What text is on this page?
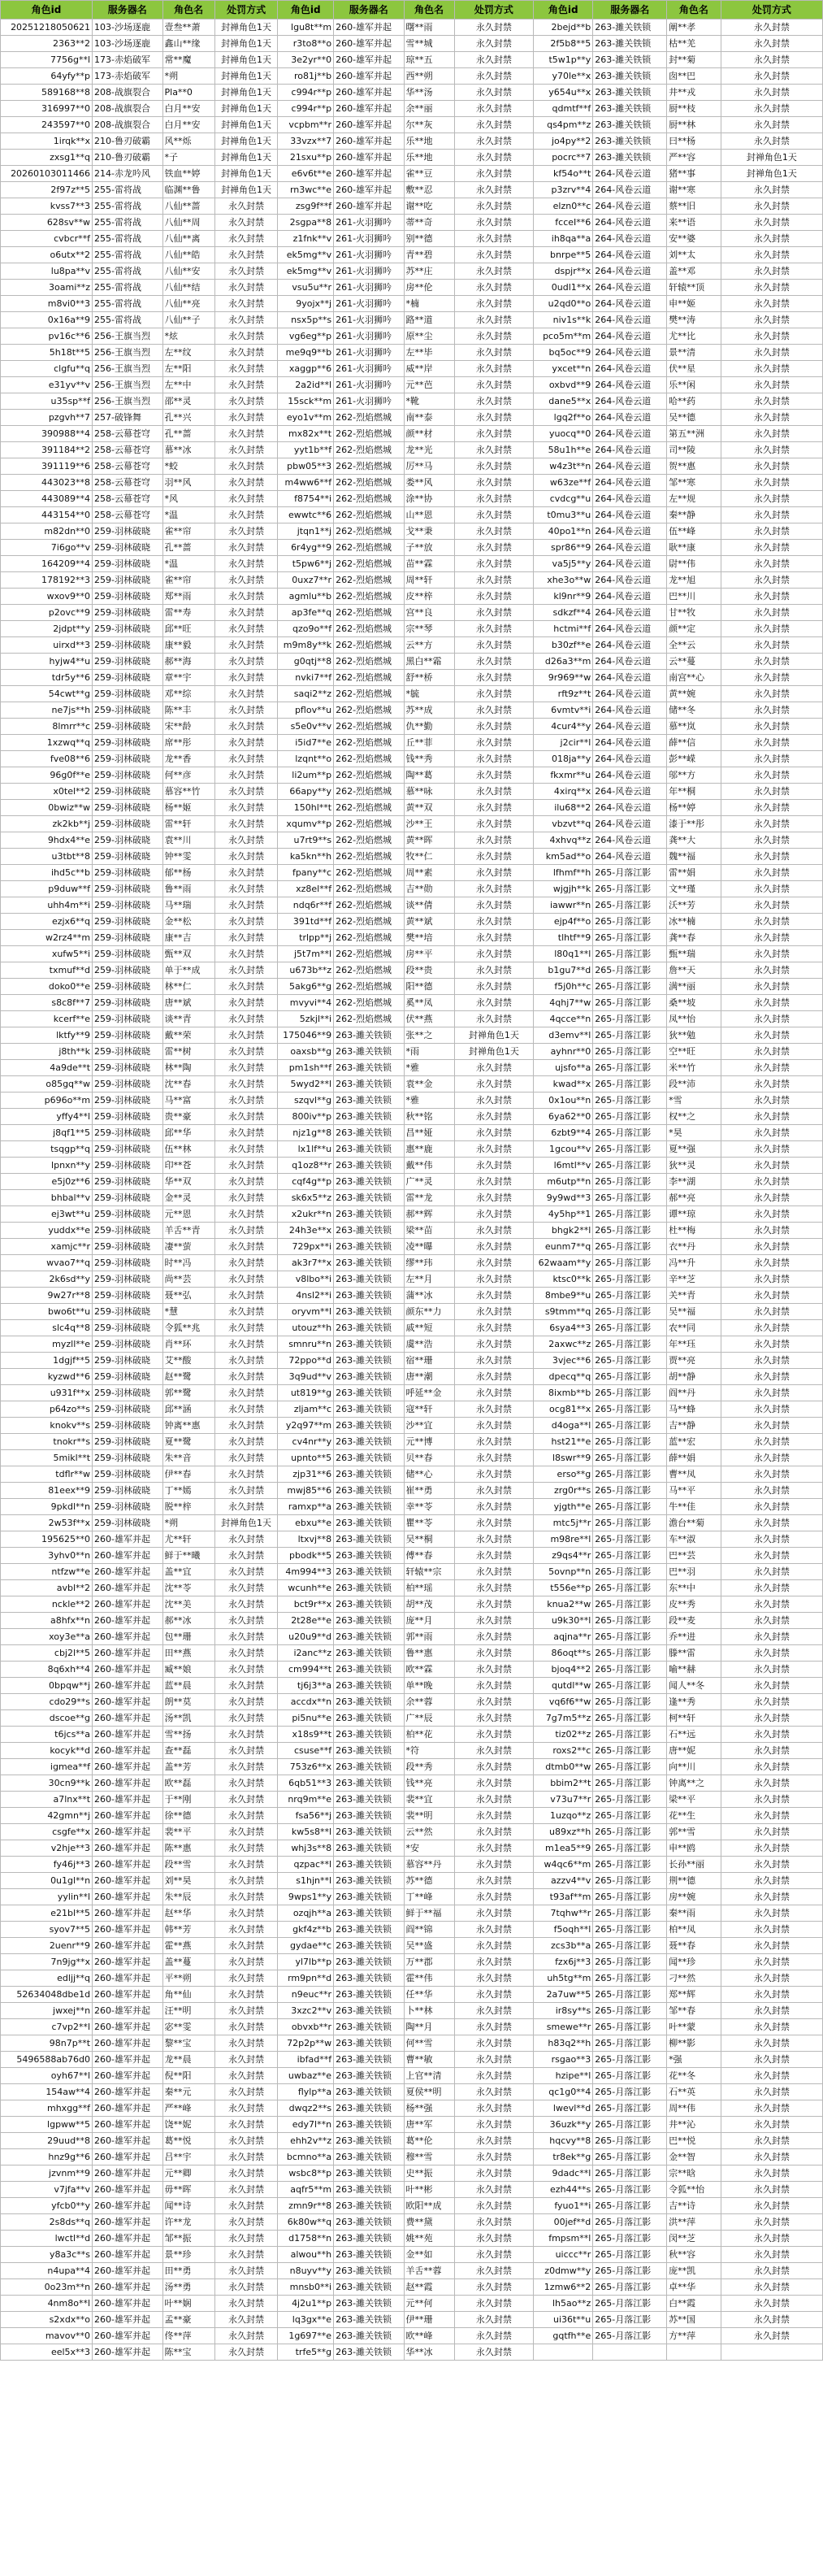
角色id	服务器名	角色名	处罚方式	角色id	服务器名	角色名	处罚方式	角色id	服务器名	角色名	处罚方式
20251218050621	103-沙场逐鹿	壹叁**萧	封禅角色1天	lgu8t**m	260-雄军并起	曙**雨	永久封禁	2bejd**b	263-濉关铁锁	阐**孝	永久封禁
2363**2	103-沙场逐鹿	鑫山**缘	封禅角色1天	r3to8**o	260-雄军并起	雪**城	永久封禁	2f5b8**5	263-濉关铁锁	枯**羌	永久封禁
7756g**l	173-赤焰破军	常**魔	封禅角色1天	3e2yr**0	260-雄军并起	琼**五	永久封禁	t5w1p**y	263-濉关铁锁	封**菊	永久封禁
64yfy**p	173-赤焰破军	*朔	封禅角色1天	ro81j**b	260-雄军并起	西**朔	永久封禁	y70le**x	263-濉关铁锁	囱**巴	永久封禁
589168**8	208-战旗裂合	Pla**0	封禅角色1天	c994r**p	260-雄军并起	华**汤	永久封禁	y654u**x	263-濉关铁锁	井**戎	永久封禁
316997**0	208-战旗裂合	白月**安	封禅角色1天	c994r**p	260-雄军并起	余**丽	永久封禁	qdmtf**f	263-濉关铁锁	厨**枝	永久封禁
243597**0	208-战旗裂合	白月**安	封禅角色1天	vcpbm**r	260-雄军并起	尔**灰	永久封禁	qs4pm**z	263-濉关铁锁	厨**林	永久封禁
1irqk**x	210-鲁刃破霸	风**烁	封禅角色1天	33vzx**7	260-雄军并起	乐**地	永久封禁	jo4py**2	263-濉关铁锁	曰**杨	永久封禁
zxsg1**q	210-鲁刃破霸	*子	封禅角色1天	21sxu**p	260-雄军并起	乐**地	永久封禁	pocrc**7	263-濉关铁锁	严**容	封禅角色1天
20260103011466	214-赤龙吟风	铁血**婷	封禅角色1天	e6v6t**e	260-雄军并起	雀**豆	永久封禁	kf54o**t	264-风卷云道	猪**事	封禅角色1天
2f97z**5	255-雷将战	临渊**鲁	封禅角色1天	rn3wc**e	260-雄军并起	敷**忍	永久封禁	p3zrv**4	264-风卷云道	谢**寒	永久封禁
kvss7**3	255-雷将战	八仙**蔷	永久封禁	zsg9f**f	260-雄军并起	谢**吃	永久封禁	elzn0**c	264-风卷云道	蔡**旧	永久封禁
628sv**w	255-雷将战	八仙**周	永久封禁	2sgpa**8	261-火羽狮吟	蒂**奇	永久封禁	fcceI**6	264-风卷云道	来**语	永久封禁
cvbcr**f	255-雷将战	八仙**离	永久封禁	z1fnk**v	261-火羽狮吟	别**德	永久封禁	ih8qa**a	264-风卷云道	安**婆	永久封禁
o6utx**2	255-雷将战	八仙**皓	永久封禁	ek5mg**v	261-火羽狮吟	青**碧	永久封禁	bnrpe**5	264-风卷云道	刘**太	永久封禁
lu8pa**v	255-雷将战	八仙**安	永久封禁	ek5mg**v	261-火羽狮吟	苏**庄	永久封禁	dspjr**x	264-风卷云道	盖**邓	永久封禁
3oami**z	255-雷将战	八仙**结	永久封禁	vsu5u**r	261-火羽狮吟	房**伦	永久封禁	0udl1**x	264-风卷云道	轩辕**顶	永久封禁
m8vi0**3	255-雷将战	八仙**亮	永久封禁	9yojx**j	261-火羽狮吟	*楠	永久封禁	u2qd0**o	264-风卷云道	申**姬	永久封禁
0x16a**9	255-雷将战	八仙**子	永久封禁	nsx5p**s	261-火羽狮吟	路**道	永久封禁	niv1s**k	264-风卷云道	樊**涛	永久封禁
pv16c**6	256-王旗当烈	*炫	永久封禁	vg6eg**p	261-火羽狮吟	原**尘	永久封禁	pco5m**m	264-风卷云道	尤**比	永久封禁
5h18t**5	256-王旗当烈	左**纹	永久封禁	me9q9**b	261-火羽狮吟	左**毕	永久封禁	bq5oc**9	264-风卷云道	景**清	永久封禁
clgfu**q	256-王旗当烈	左**阳	永久封禁	xaggp**6	261-火羽狮吟	威**岸	永久封禁	yxcet**n	264-风卷云道	伏**星	永久封禁
e31yv**v	256-王旗当烈	左**中	永久封禁	2a2id**l	261-火羽狮吟	元**芭	永久封禁	oxbvd**9	264-风卷云道	乐**闲	永久封禁
u35sp**f	256-王旗当烈	邵**灵	永久封禁	15sck**m	261-火羽狮吟	*靴	永久封禁	dane5**x	264-风卷云道	哈**药	永久封禁
pzgvh**7	257-破锋舞	孔**兴	永久封禁	eyo1v**m	262-烈焰燃城	南**泰	永久封禁	lgq2f**o	264-风卷云道	吴**德	永久封禁
390988**4	258-云幕苍穹	孔**蔷	永久封禁	mx82x**t	262-烈焰燃城	颜**材	永久封禁	yuocq**0	264-风卷云道	第五**洲	永久封禁
391184**2	258-云幕苍穹	慕**冰	永久封禁	yyt1b**f	262-烈焰燃城	龙**光	永久封禁	58u1h**e	264-风卷云道	司**陵	永久封禁
391119**6	258-云幕苍穹	*蛟	永久封禁	pbw05**3	262-烈焰燃城	厉**马	永久封禁	w4z3t**n	264-风卷云道	贺**惠	永久封禁
443023**8	258-云幕苍穹	羽**风	永久封禁	m4ww6**f	262-烈焰燃城	娄**风	永久封禁	w63ze**f	264-风卷云道	邹**寒	永久封禁
443089**4	258-云幕苍穹	*风	永久封禁	f8754**i	262-烈焰燃城	涂**协	永久封禁	cvdcg**u	264-风卷云道	左**规	永久封禁
443154**0	258-云幕苍穹	*温	永久封禁	ewwtc**6	262-烈焰燃城	山**恩	永久封禁	t0mu3**u	264-风卷云道	秦**静	永久封禁
m82dn**0	259-羽林破晓	雀**帘	永久封禁	jtqn1**j	262-烈焰燃城	戈**秉	永久封禁	40po1**n	264-风卷云道	伍**峰	永久封禁
7i6go**v	259-羽林破晓	孔**蔷	永久封禁	6r4yg**9	262-烈焰燃城	子**放	永久封禁	spr86**9	264-风卷云道	耿**康	永久封禁
164209**4	259-羽林破晓	*温	永久封禁	t5pw6**j	262-烈焰燃城	苗**霖	永久封禁	va5j5**y	264-风卷云道	尉**伟	永久封禁
178192**3	259-羽林破晓	雀**帘	永久封禁	0uxz7**r	262-烈焰燃城	周**轩	永久封禁	xhe3o**w	264-风卷云道	龙**旭	永久封禁
wxov9**0	259-羽林破晓	郑**雨	永久封禁	agmlu**b	262-烈焰燃城	皮**梓	永久封禁	kl9nr**9	264-风卷云道	巴**川	永久封禁
p2ovc**9	259-羽林破晓	雷**寿	永久封禁	ap3fe**q	262-烈焰燃城	宫**良	永久封禁	sdkzf**4	264-风卷云道	甘**牧	永久封禁
2jdpt**y	259-羽林破晓	邱**旺	永久封禁	qzo9o**f	262-烈焰燃城	宗**琴	永久封禁	hctmi**f	264-风卷云道	颜**定	永久封禁
uirxd**3	259-羽林破晓	康**毅	永久封禁	m9m8y**k	262-烈焰燃城	云**方	永久封禁	b30zf**e	264-风卷云道	全**云	永久封禁
hyjw4**u	259-羽林破晓	郝**海	永久封禁	g0qtj**8	262-烈焰燃城	黑白**霜	永久封禁	d26a3**m	264-风卷云道	云**蔓	永久封禁
tdr5y**6	259-羽林破晓	章**宇	永久封禁	nvki7**f	262-烈焰燃城	舒**桥	永久封禁	9r969**w	264-风卷云道	南宫**心	永久封禁
54cwt**g	259-羽林破晓	邓**综	永久封禁	saqi2**z	262-烈焰燃城	*毓	永久封禁	rft9z**t	264-风卷云道	黄**婉	永久封禁
ne7js**h	259-羽林破晓	陈**丰	永久封禁	pflov**u	262-烈焰燃城	苏**成	永久封禁	6vmtv**i	264-风卷云道	储**冬	永久封禁
8lmrr**c	259-羽林破晓	宋**龄	永久封禁	s5e0v**v	262-烈焰燃城	仇**勤	永久封禁	4cur4**y	264-风卷云道	慕**岚	永久封禁
1xzwq**q	259-羽林破晓	席**彤	永久封禁	i5id7**e	262-烈焰燃城	丘**菲	永久封禁	j2cir**l	264-风卷云道	薛**信	永久封禁
fve08**6	259-羽林破晓	龙**香	永久封禁	lzqnt**o	262-烈焰燃城	钱**秀	永久封禁	018ja**y	264-风卷云道	彭**嵘	永久封禁
96g0f**e	259-羽林破晓	何**彦	永久封禁	li2um**p	262-烈焰燃城	陶**葛	永久封禁	fkxmr**u	264-风卷云道	邬**方	永久封禁
x0tel**2	259-羽林破晓	慕容**竹	永久封禁	66apy**y	262-烈焰燃城	慕**咏	永久封禁	4xirq**x	264-风卷云道	年**桐	永久封禁
0bwiz**w	259-羽林破晓	杨**姬	永久封禁	150hl**t	262-烈焰燃城	黄**双	永久封禁	ilu68**2	264-风卷云道	杨**婷	永久封禁
zk2kb**j	259-羽林破晓	雷**轩	永久封禁	xqumv**p	262-烈焰燃城	沙**王	永久封禁	vbzvt**q	264-风卷云道	漆于**彤	永久封禁
9hdx4**e	259-羽林破晓	袁**川	永久封禁	u7rt9**s	262-烈焰燃城	黄**晖	永久封禁	4xhvq**z	264-风卷云道	龚**大	永久封禁
u3tbt**8	259-羽林破晓	钟**雯	永久封禁	ka5kn**h	262-烈焰燃城	牧**仁	永久封禁	km5ad**o	264-风卷云道	魏**福	永久封禁
ihd5c**b	259-羽林破晓	郁**杨	永久封禁	fpany**c	262-烈焰燃城	周**素	永久封禁	lfhmf**h	265-月落江影	雷**娟	永久封禁
p9duw**f	259-羽林破晓	鲁**雨	永久封禁	xz8el**f	262-烈焰燃城	吉**勋	永久封禁	wjgjh**k	265-月落江影	文**瑾	永久封禁
uhh4m**i	259-羽林破晓	马**瑞	永久封禁	ndq6r**f	262-烈焰燃城	谈**倩	永久封禁	iawwr**n	265-月落江影	沃**芳	永久封禁
ezjx6**q	259-羽林破晓	金**松	永久封禁	391td**f	262-烈焰燃城	黄**斌	永久封禁	ejp4f**o	265-月落江影	冰**楠	永久封禁
w2rz4**m	259-羽林破晓	康**吉	永久封禁	trlpp**j	262-烈焰燃城	樊**培	永久封禁	tlhtf**9	265-月落江影	龚**春	永久封禁
xufw5**i	259-羽林破晓	甄**双	永久封禁	j5t7m**l	262-烈焰燃城	房**平	永久封禁	l80q1**l	265-月落江影	甄**瑞	永久封禁
txmuf**d	259-羽林破晓	单于**成	永久封禁	u673b**z	262-烈焰燃城	段**贵	永久封禁	b1gu7**d	265-月落江影	詹**天	永久封禁
doko0**e	259-羽林破晓	林**仁	永久封禁	5akg6**g	262-烈焰燃城	阳**德	永久封禁	f5j0h**c	265-月落江影	满**丽	永久封禁
s8c8f**7	259-羽林破晓	唐**斌	永久封禁	mvyvi**4	262-烈焰燃城	奚**凤	永久封禁	4qhj7**w	265-月落江影	桑**坡	永久封禁
kcerf**e	259-羽林破晓	谈**青	永久封禁	5zkjl**i	262-烈焰燃城	伏**燕	永久封禁	4qcce**n	265-月落江影	凤**怡	永久封禁
lktfy**9	259-羽林破晓	戴**荣	永久封禁	175046**9	263-濉关铁锁	张**之	封禅角色1天	d3emv**l	265-月落江影	狄**勉	永久封禁
j8th**k	259-羽林破晓	雷**树	永久封禁	oaxsb**g	263-濉关铁锁	*雨	封禅角色1天	ayhnr**0	265-月落江影	空**旺	永久封禁
4a9de**t	259-羽林破晓	林**陶	永久封禁	pm1sh**f	263-濉关铁锁	*雅	永久封禁	ujsfo**a	265-月落江影	米**竹	永久封禁
o85gq**w	259-羽林破晓	沈**春	永久封禁	5wyd2**l	263-濉关铁锁	袁**金	永久封禁	kwad**x	265-月落江影	段**沛	永久封禁
p696o**m	259-羽林破晓	马**富	永久封禁	szqvl**g	263-濉关铁锁	*雅	永久封禁	0x1ou**n	265-月落江影	*雪	永久封禁
yffy4**l	259-羽林破晓	贵**豪	永久封禁	800iv**p	263-濉关铁锁	秋**铭	永久封禁	6ya62**0	265-月落江影	权**之	永久封禁
j8qf1**5	259-羽林破晓	邱**华	永久封禁	njz1g**8	263-濉关铁锁	昌**娅	永久封禁	6zbt9**4	265-月落江影	*昊	永久封禁
tsqgp**q	259-羽林破晓	伍**林	永久封禁	lx1lf**u	263-濉关铁锁	惠**鹿	永久封禁	1gcou**v	265-月落江影	夏**强	永久封禁
lpnxn**y	259-羽林破晓	印**苍	永久封禁	q1oz8**r	263-濉关铁锁	戴**伟	永久封禁	l6mtl**v	265-月落江影	狄**灵	永久封禁
e5j0z**6	259-羽林破晓	华**双	永久封禁	cqf4g**p	263-濉关铁锁	广**灵	永久封禁	m6utp**n	265-月落江影	李**湖	永久封禁
bhbal**v	259-羽林破晓	金**灵	永久封禁	sk6x5**z	263-濉关铁锁	雷**龙	永久封禁	9y9wd**3	265-月落江影	郝**亮	永久封禁
ej3wt**u	259-羽林破晓	元**恩	永久封禁	x2ukr**n	263-濉关铁锁	郝**辉	永久封禁	4y5hp**1	265-月落江影	谭**琼	永久封禁
yuddx**e	259-羽林破晓	羊舌**青	永久封禁	24h3e**x	263-濉关铁锁	梁**苗	永久封禁	bhgk2**l	265-月落江影	杜**梅	永久封禁
xamjc**r	259-羽林破晓	凄**萤	永久封禁	729px**i	263-濉关铁锁	凌**曝	永久封禁	eunm7**q	265-月落江影	衣**丹	永久封禁
wvao7**q	259-羽林破晓	时**冯	永久封禁	ak3r7**x	263-濉关铁锁	缪**玮	永久封禁	62waam**y	265-月落江影	冯**升	永久封禁
2k6sd**y	259-羽林破晓	尚**芸	永久封禁	v8lbo**i	263-濉关铁锁	左**月	永久封禁	ktsc0**k	265-月落江影	辛**芝	永久封禁
9w27r**8	259-羽林破晓	聂**弘	永久封禁	4nsl2**i	263-濉关铁锁	蒲**冰	永久封禁	8mbe9**u	265-月落江影	关**青	永久封禁
bwo6t**u	259-羽林破晓	*慧	永久封禁	oryvm**l	263-濉关铁锁	颜东**力	永久封禁	s9tmm**q	265-月落江影	吴**福	永久封禁
slc4q**8	259-羽林破晓	令狐**兆	永久封禁	utouz**h	263-濉关铁锁	戚**短	永久封禁	6sya4**3	265-月落江影	农**同	永久封禁
myzll**e	259-羽林破晓	肖**环	永久封禁	smnru**n	263-濉关铁锁	虞**浩	永久封禁	2axwc**z	265-月落江影	年**珏	永久封禁
1dgjf**5	259-羽林破晓	艾**酸	永久封禁	72ppo**d	263-濉关铁锁	宿**珊	永久封禁	3vjec**6	265-月落江影	贾**亮	永久封禁
kyzwd**6	259-羽林破晓	赵**鹭	永久封禁	3q9ud**v	263-濉关铁锁	唐**潮	永久封禁	dpecq**q	265-月落江影	胡**静	永久封禁
u931f**x	259-羽林破晓	郭**鹭	永久封禁	ut819**g	263-濉关铁锁	呼延**金	永久封禁	8ixmb**b	265-月落江影	阎**丹	永久封禁
p64zo**s	259-羽林破晓	邱**涵	永久封禁	zljam**c	263-濉关铁锁	寇**轩	永久封禁	ocg81**x	265-月落江影	马**蜂	永久封禁
knokv**s	259-羽林破晓	钟离**惠	永久封禁	y2q97**m	263-濉关铁锁	沙**宜	永久封禁	d4oga**l	265-月落江影	吉**静	永久封禁
tnokr**s	259-羽林破晓	夏**鹭	永久封禁	cv4nr**y	263-濉关铁锁	元**博	永久封禁	hst21**e	265-月落江影	蓝**宏	永久封禁
5mikl**t	259-羽林破晓	朱**音	永久封禁	upnto**5	263-濉关铁锁	贝**春	永久封禁	l8swr**9	265-月落江影	薛**娟	永久封禁
tdflr**w	259-羽林破晓	伊**春	永久封禁	zjp31**6	263-濉关铁锁	储**心	永久封禁	erso**g	265-月落江影	曹**凤	永久封禁
81eex**9	259-羽林破晓	丁**嫣	永久封禁	mwj85**6	263-濉关铁锁	崔**勇	永久封禁	zrg0r**s	265-月落江影	马**平	永久封禁
9pkdl**n	259-羽林破晓	脱**梓	永久封禁	ramxp**a	263-濉关铁锁	幸**苓	永久封禁	yjgth**e	265-月落江影	牛**佳	永久封禁
2w53f**x	259-羽林破晓	*朔	封禅角色1天	ebxu**e	263-濉关铁锁	瞿**苓	永久封禁	mtc5j**r	265-月落江影	澹台**菊	永久封禁
195625**0	260-雄军并起	尤**轩	永久封禁	ltxvj**8	263-濉关铁锁	吴**桐	永久封禁	m98re**l	265-月落江影	车**淑	永久封禁
3yhv0**n	260-雄军并起	鲜于**曦	永久封禁	pbodk**5	263-濉关铁锁	傅**春	永久封禁	z9qs4**r	265-月落江影	巴**芸	永久封禁
ntfzw**e	260-雄军并起	盖**宜	永久封禁	4m994**3	263-濉关铁锁	轩辕**宗	永久封禁	5ovnp**n	265-月落江影	巴**羽	永久封禁
avbl**2	260-雄军并起	沈**苓	永久封禁	wcunh**e	263-濉关铁锁	柏**瑶	永久封禁	t556e**p	265-月落江影	东**中	永久封禁
nckle**2	260-雄军并起	沈**美	永久封禁	bct9r**x	263-濉关铁锁	胡**茂	永久封禁	knua2**w	265-月落江影	皮**秀	永久封禁
a8hfx**n	260-雄军并起	郝**冰	永久封禁	2t28e**e	263-濉关铁锁	庞**月	永久封禁	u9k30**l	265-月落江影	段**麦	永久封禁
xoy3e**a	260-雄军并起	包**珊	永久封禁	u20u9**d	263-濉关铁锁	郭**雨	永久封禁	aqjna**r	265-月落江影	乔**进	永久封禁
cbj2l**5	260-雄军并起	田**燕	永久封禁	i2anc**z	263-濉关铁锁	鲁**惠	永久封禁	86oqt**s	265-月落江影	滕**雷	永久封禁
8q6xh**4	260-雄军并起	臧**娘	永久封禁	cm994**t	263-濉关铁锁	欧**霖	永久封禁	bjoq4**2	265-月落江影	喻**赫	永久封禁
0bpqw**j	260-雄军并起	蓝**晨	永久封禁	tj6j3**a	263-濉关铁锁	单**晚	永久封禁	qutdl**w	265-月落江影	闻人**冬	永久封禁
cdo29**s	260-雄军并起	朗**莫	永久封禁	accdx**n	263-濉关铁锁	余**蓉	永久封禁	vq6f6**w	265-月落江影	逢**秀	永久封禁
dscoe**g	260-雄军并起	汤**凯	永久封禁	pi5nu**e	263-濉关铁锁	广**辰	永久封禁	7g7m5**z	265-月落江影	柯**轩	永久封禁
t6jcs**a	260-雄军并起	雪**扬	永久封禁	x18s9**t	263-濉关铁锁	柏**花	永久封禁	tiz02**z	265-月落江影	石**远	永久封禁
kocyk**d	260-雄军并起	查**磊	永久封禁	csuse**f	263-濉关铁锁	*符	永久封禁	roxs2**c	265-月落江影	唐**妮	永久封禁
igmea**f	260-雄军并起	盖**芳	永久封禁	753z6**x	263-濉关铁锁	段**秀	永久封禁	dtmb0**w	265-月落江影	向**川	永久封禁
30cn9**k	260-雄军并起	欧**磊	永久封禁	6qb51**3	263-濉关铁锁	钱**亮	永久封禁	bbim2**t	265-月落江影	钟离**之	永久封禁
a7lnx**t	260-雄军并起	于**刚	永久封禁	nrq9m**e	263-濉关铁锁	裴**宜	永久封禁	v73u7**r	265-月落江影	梁**平	永久封禁
42gmn**j	260-雄军并起	徐**德	永久封禁	fsa56**j	263-濉关铁锁	裴**明	永久封禁	1uzqo**z	265-月落江影	花**生	永久封禁
csgfe**x	260-雄军并起	裴**平	永久封禁	kw5s8**l	263-濉关铁锁	云**然	永久封禁	u89xz**h	265-月落江影	郭**雪	永久封禁
v2hje**3	260-雄军并起	陈**惠	永久封禁	whj3s**8	263-濉关铁锁	*安	永久封禁	m1ea5**9	265-月落江影	申**鸥	永久封禁
fy46j**3	260-雄军并起	段**雪	永久封禁	qzpac**l	263-濉关铁锁	慕容**丹	永久封禁	w4qc6**m	265-月落江影	长孙**丽	永久封禁
0u1gl**n	260-雄军并起	刘**昊	永久封禁	s1hjn**l	263-濉关铁锁	苏**德	永久封禁	azzv4**v	265-月落江影	荆**德	永久封禁
yylin**l	260-雄军并起	朱**辰	永久封禁	9wps1**y	263-濉关铁锁	丁**峰	永久封禁	t93af**m	265-月落江影	房**婉	永久封禁
e21bl**5	260-雄军并起	赵**华	永久封禁	ozqjh**a	263-濉关铁锁	鲜于**福	永久封禁	7tqhw**r	265-月落江影	秦**雨	永久封禁
syov7**5	260-雄军并起	韩**芳	永久封禁	gkf4z**b	263-濉关铁锁	阎**锦	永久封禁	f5oqh**l	265-月落江影	柏**凤	永久封禁
2uenr**9	260-雄军并起	霍**燕	永久封禁	gydae**c	263-濉关铁锁	吴**盛	永久封禁	zcs3b**a	265-月落江影	聂**春	永久封禁
7n9jg**x	260-雄军并起	盖**蔓	永久封禁	yl7lb**p	263-濉关铁锁	万**郡	永久封禁	fzx6j**3	265-月落江影	闻**珍	永久封禁
edljj**q	260-雄军并起	平**朔	永久封禁	rm9pn**d	263-濉关铁锁	霍**伟	永久封禁	uh5tg**m	265-月落江影	刁**然	永久封禁
52634048dbe1d	260-雄军并起	角**仙	永久封禁	n9euc**r	263-濉关铁锁	任**华	永久封禁	2a7uw**5	265-月落江影	郑**辉	永久封禁
jwxej**n	260-雄军并起	汪**明	永久封禁	3xzc2**v	263-濉关铁锁	卜**林	永久封禁	ir8sy**s	265-月落江影	邹**春	永久封禁
c7vp2**l	260-雄军并起	宓**雯	永久封禁	obvxb**r	263-濉关铁锁	陶**月	永久封禁	smewe**r	265-月落江影	叶**蒙	永久封禁
98n7p**t	260-雄军并起	黎**宝	永久封禁	72p2p**w	263-濉关铁锁	何**雪	永久封禁	h83q2**h	265-月落江影	柳**影	永久封禁
5496588ab76d0	260-雄军并起	龙**晨	永久封禁	ibfad**f	263-濉关铁锁	曹**敏	永久封禁	rsgao**3	265-月落江影	*强	永久封禁
oyh67**l	260-雄军并起	倪**阳	永久封禁	uwbaz**e	263-濉关铁锁	上官**清	永久封禁	hzipe**l	265-月落江影	花**冬	永久封禁
154aw**4	260-雄军并起	秦**元	永久封禁	flylp**a	263-濉关铁锁	夏侯**明	永久封禁	qc1g0**4	265-月落江影	石**英	永久封禁
mhxgg**f	260-雄军并起	严**峰	永久封禁	dwqz2**s	263-濉关铁锁	杨**强	永久封禁	lwevl**d	265-月落江影	周**伟	永久封禁
lgpww**5	260-雄军并起	饶**妮	永久封禁	edy7l**n	263-濉关铁锁	唐**军	永久封禁	36uzk**y	265-月落江影	井**沁	永久封禁
29uud**8	260-雄军并起	葛**悦	永久封禁	ehh2v**z	263-濉关铁锁	葛**伦	永久封禁	hqcvy**8	265-月落江影	巴**悦	永久封禁
hnz9g**6	260-雄军并起	吕**宇	永久封禁	bcmno**a	263-濉关铁锁	穆**雪	永久封禁	tr8ek**g	265-月落江影	金**智	永久封禁
jzvnm**9	260-雄军并起	元**卿	永久封禁	wsbc8**p	263-濉关铁锁	史**振	永久封禁	9dadc**l	265-月落江影	宗**晗	永久封禁
v7jfa**v	260-雄军并起	毋**晖	永久封禁	aqfr5**m	263-濉关铁锁	叶**彬	永久封禁	ezh44**s	265-月落江影	令狐**怡	永久封禁
yfcb0**y	260-雄军并起	闻**诗	永久封禁	zmn9r**8	263-濉关铁锁	欧阳**成	永久封禁	fyuo1**i	265-月落江影	吉**诗	永久封禁
2s8ds**q	260-雄军并起	许**龙	永久封禁	6k80w**q	263-濉关铁锁	费**黛	永久封禁	00jef**d	265-月落江影	洪**萍	永久封禁
lwctl**d	260-雄军并起	邹**振	永久封禁	d1758**n	263-濉关铁锁	姚**苑	永久封禁	fmpsm**l	265-月落江影	闵**芝	永久封禁
y8a3c**s	260-雄军并起	景**珍	永久封禁	alwou**h	263-濉关铁锁	金**如	永久封禁	uiccc**r	265-月落江影	秋**容	永久封禁
n4upa**4	260-雄军并起	田**勇	永久封禁	n8uyv**y	263-濉关铁锁	羊舌**蓉	永久封禁	z0dmw**y	265-月落江影	庞**凯	永久封禁
0o23m**n	260-雄军并起	汤**勇	永久封禁	mnsb0**i	263-濉关铁锁	赵**霞	永久封禁	1zmw6**2	265-月落江影	卓**华	永久封禁
4nm8o**l	260-雄军并起	叶**娴	永久封禁	4j2u1**p	263-濉关铁锁	元**何	永久封禁	lh5ao**z	265-月落江影	白**霞	永久封禁
s2xdx**o	260-雄军并起	孟**豪	永久封禁	lq3gx**e	263-濉关铁锁	伊**珊	永久封禁	ui36t**u	265-月落江影	苏**国	永久封禁
mavov**0	260-雄军并起	佟**萍	永久封禁	1g697**e	263-濉关铁锁	欧**峰	永久封禁	gqtfh**e	265-月落江影	方**萍	永久封禁
eel5x**3	260-雄军并起	陈**宝	永久封禁	trfe5**g	263-濉关铁锁	华**冰	永久封禁				
